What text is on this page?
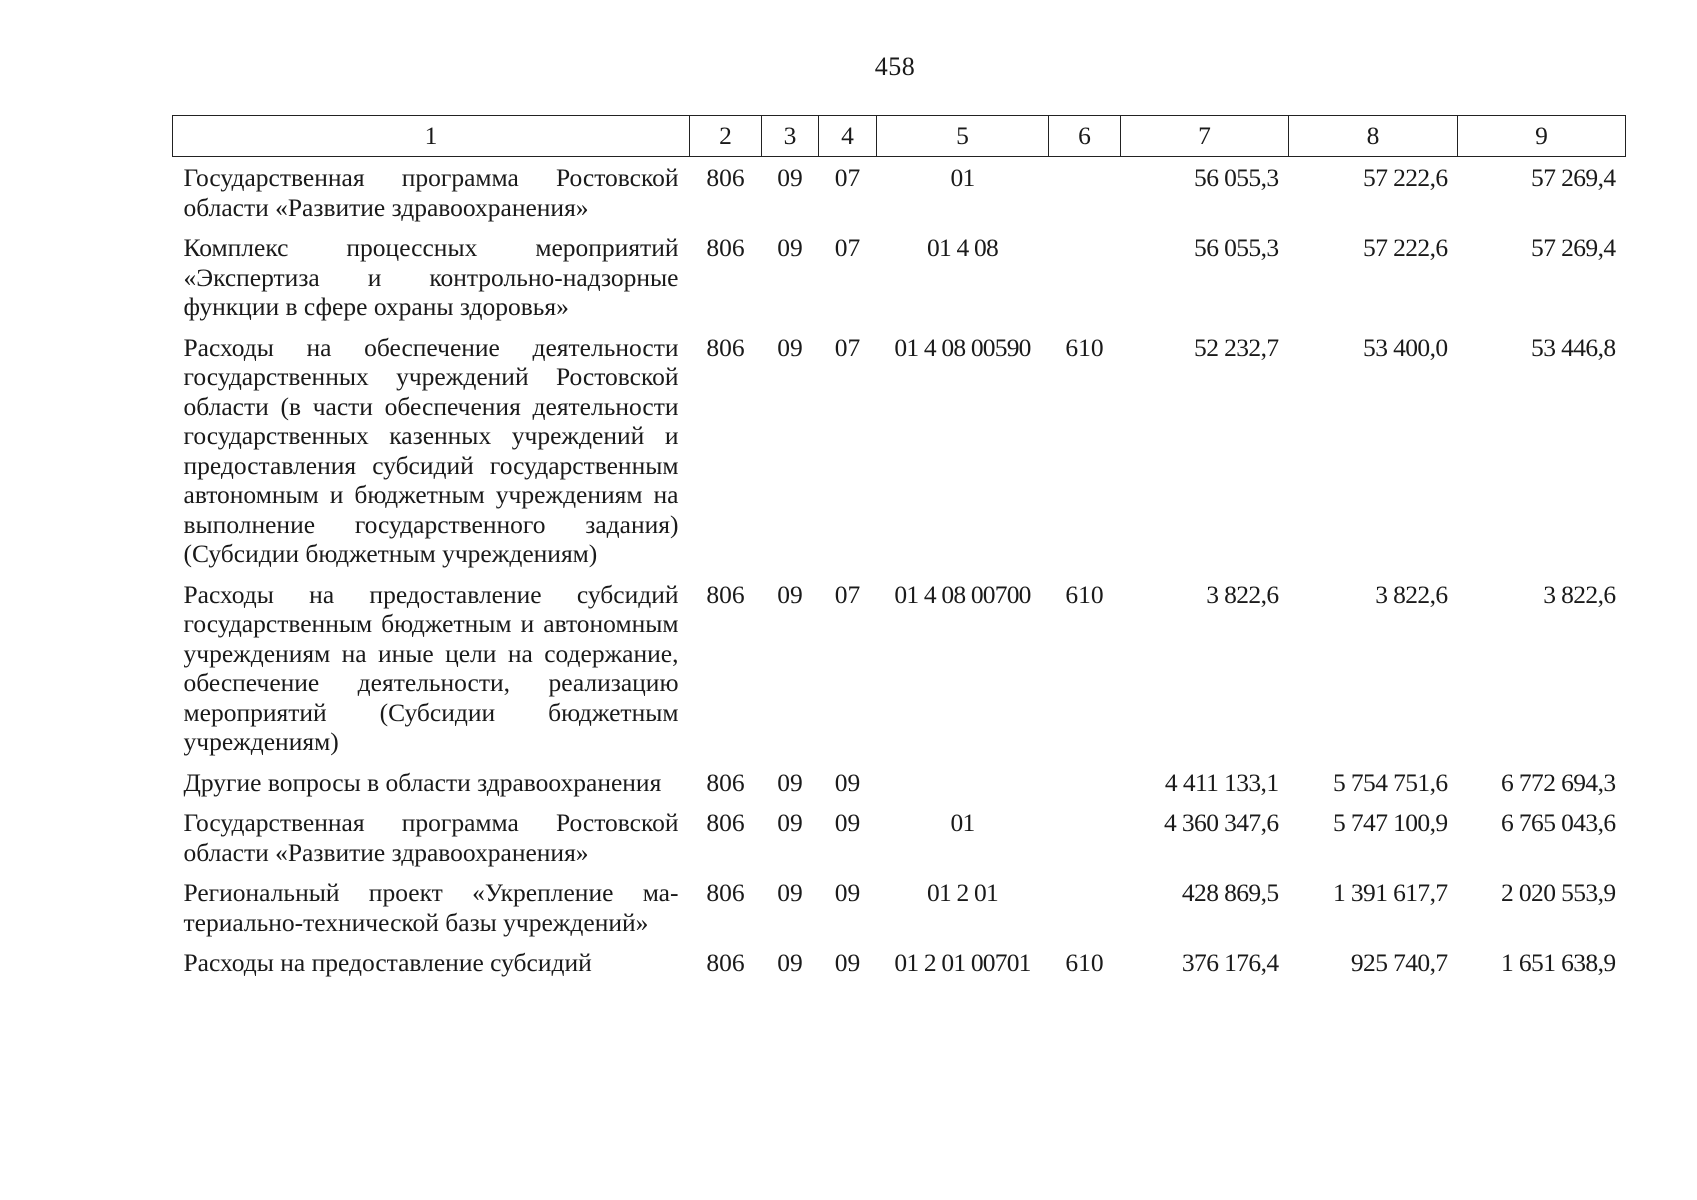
458
1	2	3	4	5	6	7	8	9
Государственная программа Ростовской области «Развитие здравоохранения»	806	09	07	01		56 055,3	57 222,6	57 269,4
Комплекс процессных мероприятий «Экспертиза и контрольно-надзорные функции в сфере охраны здоровья»	806	09	07	01 4 08		56 055,3	57 222,6	57 269,4
Расходы на обеспечение деятельности государственных учреждений Ростовской области (в части обеспечения деятельности государственных казенных учреждений и предоставления субсидий государственным автономным и бюджетным учреждениям на выполнение государственного задания) (Субсидии бюджетным учреждениям)	806	09	07	01 4 08 00590	610	52 232,7	53 400,0	53 446,8
Расходы на предоставление субсидий государственным бюджетным и автономным учреждениям на иные цели на содержание, обеспечение деятельности, реализацию мероприятий (Субсидии бюджетным учреждениям)	806	09	07	01 4 08 00700	610	3 822,6	3 822,6	3 822,6
Другие вопросы в области здравоохранения	806	09	09			4 411 133,1	5 754 751,6	6 772 694,3
Государственная программа Ростовской области «Развитие здравоохранения»	806	09	09	01		4 360 347,6	5 747 100,9	6 765 043,6
Региональный проект «Укрепление материально-технической базы учреждений»	806	09	09	01 2 01		428 869,5	1 391 617,7	2 020 553,9
Расходы на предоставление субсидий	806	09	09	01 2 01 00701	610	376 176,4	925 740,7	1 651 638,9
